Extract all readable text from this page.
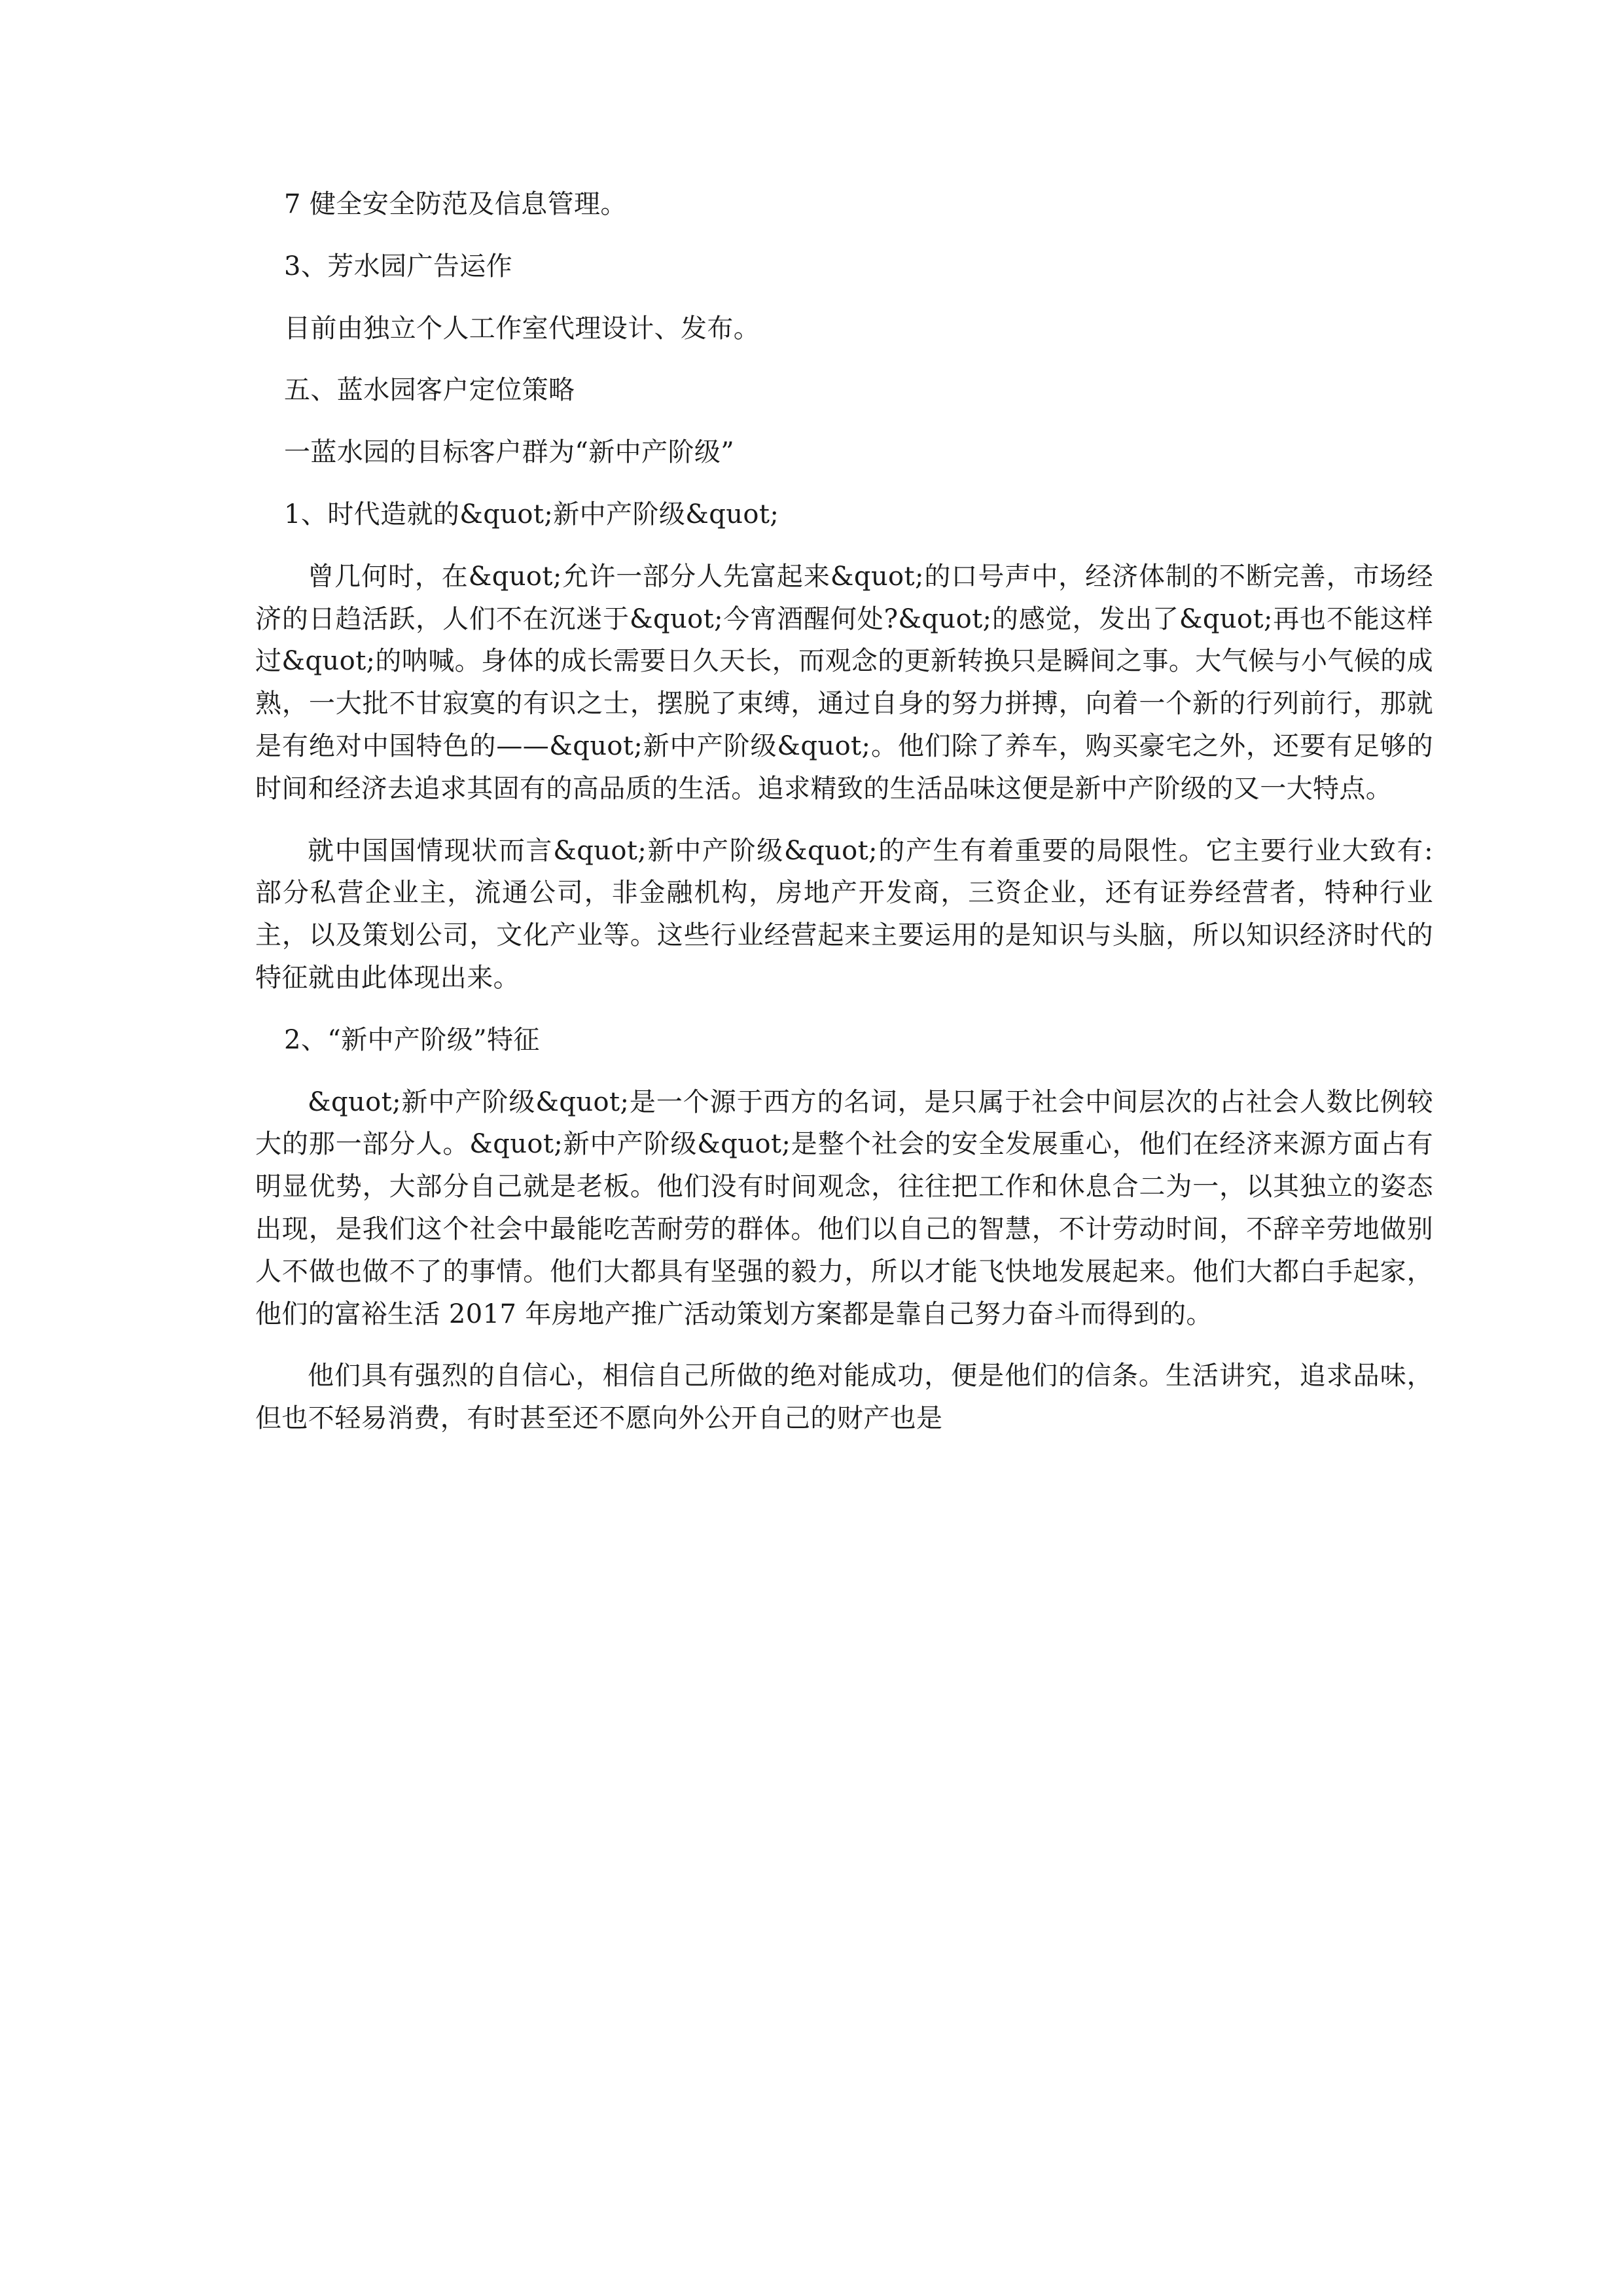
7 健全安全防范及信息管理。

3、芳水园广告运作

目前由独立个人工作室代理设计、发布。

五、蓝水园客户定位策略

一蓝水园的目标客户群为“新中产阶级”

1、时代造就的&quot;新中产阶级&quot;

曾几何时，在&quot;允许一部分人先富起来&quot;的口号声中，经济体制的不断完善，市场经济的日趋活跃，人们不在沉迷于&quot;今宵酒醒何处?&quot;的感觉，发出了&quot;再也不能这样过&quot;的呐喊。身体的成长需要日久天长，而观念的更新转换只是瞬间之事。大气候与小气候的成熟，一大批不甘寂寞的有识之士，摆脱了束缚，通过自身的努力拼搏，向着一个新的行列前行，那就是有绝对中国特色的——&quot;新中产阶级&quot;。他们除了养车，购买豪宅之外，还要有足够的时间和经济去追求其固有的高品质的生活。追求精致的生活品味这便是新中产阶级的又一大特点。

就中国国情现状而言&quot;新中产阶级&quot;的产生有着重要的局限性。它主要行业大致有: 部分私营企业主，流通公司，非金融机构，房地产开发商，三资企业，还有证券经营者，特种行业主，以及策划公司，文化产业等。这些行业经营起来主要运用的是知识与头脑，所以知识经济时代的特征就由此体现出来。

2、“新中产阶级”特征

&quot;新中产阶级&quot;是一个源于西方的名词，是只属于社会中间层次的占社会人数比例较大的那一部分人。&quot;新中产阶级&quot;是整个社会的安全发展重心，他们在经济来源方面占有明显优势，大部分自己就是老板。他们没有时间观念，往往把工作和休息合二为一，以其独立的姿态出现，是我们这个社会中最能吃苦耐劳的群体。他们以自己的智慧，不计劳动时间，不辞辛劳地做别人不做也做不了的事情。他们大都具有坚强的毅力，所以才能飞快地发展起来。他们大都白手起家，他们的富裕生活 2017 年房地产推广活动策划方案都是靠自己努力奋斗而得到的。

他们具有强烈的自信心，相信自己所做的绝对能成功，便是他们的信条。生活讲究，追求品味，但也不轻易消费，有时甚至还不愿向外公开自己的财产也是
